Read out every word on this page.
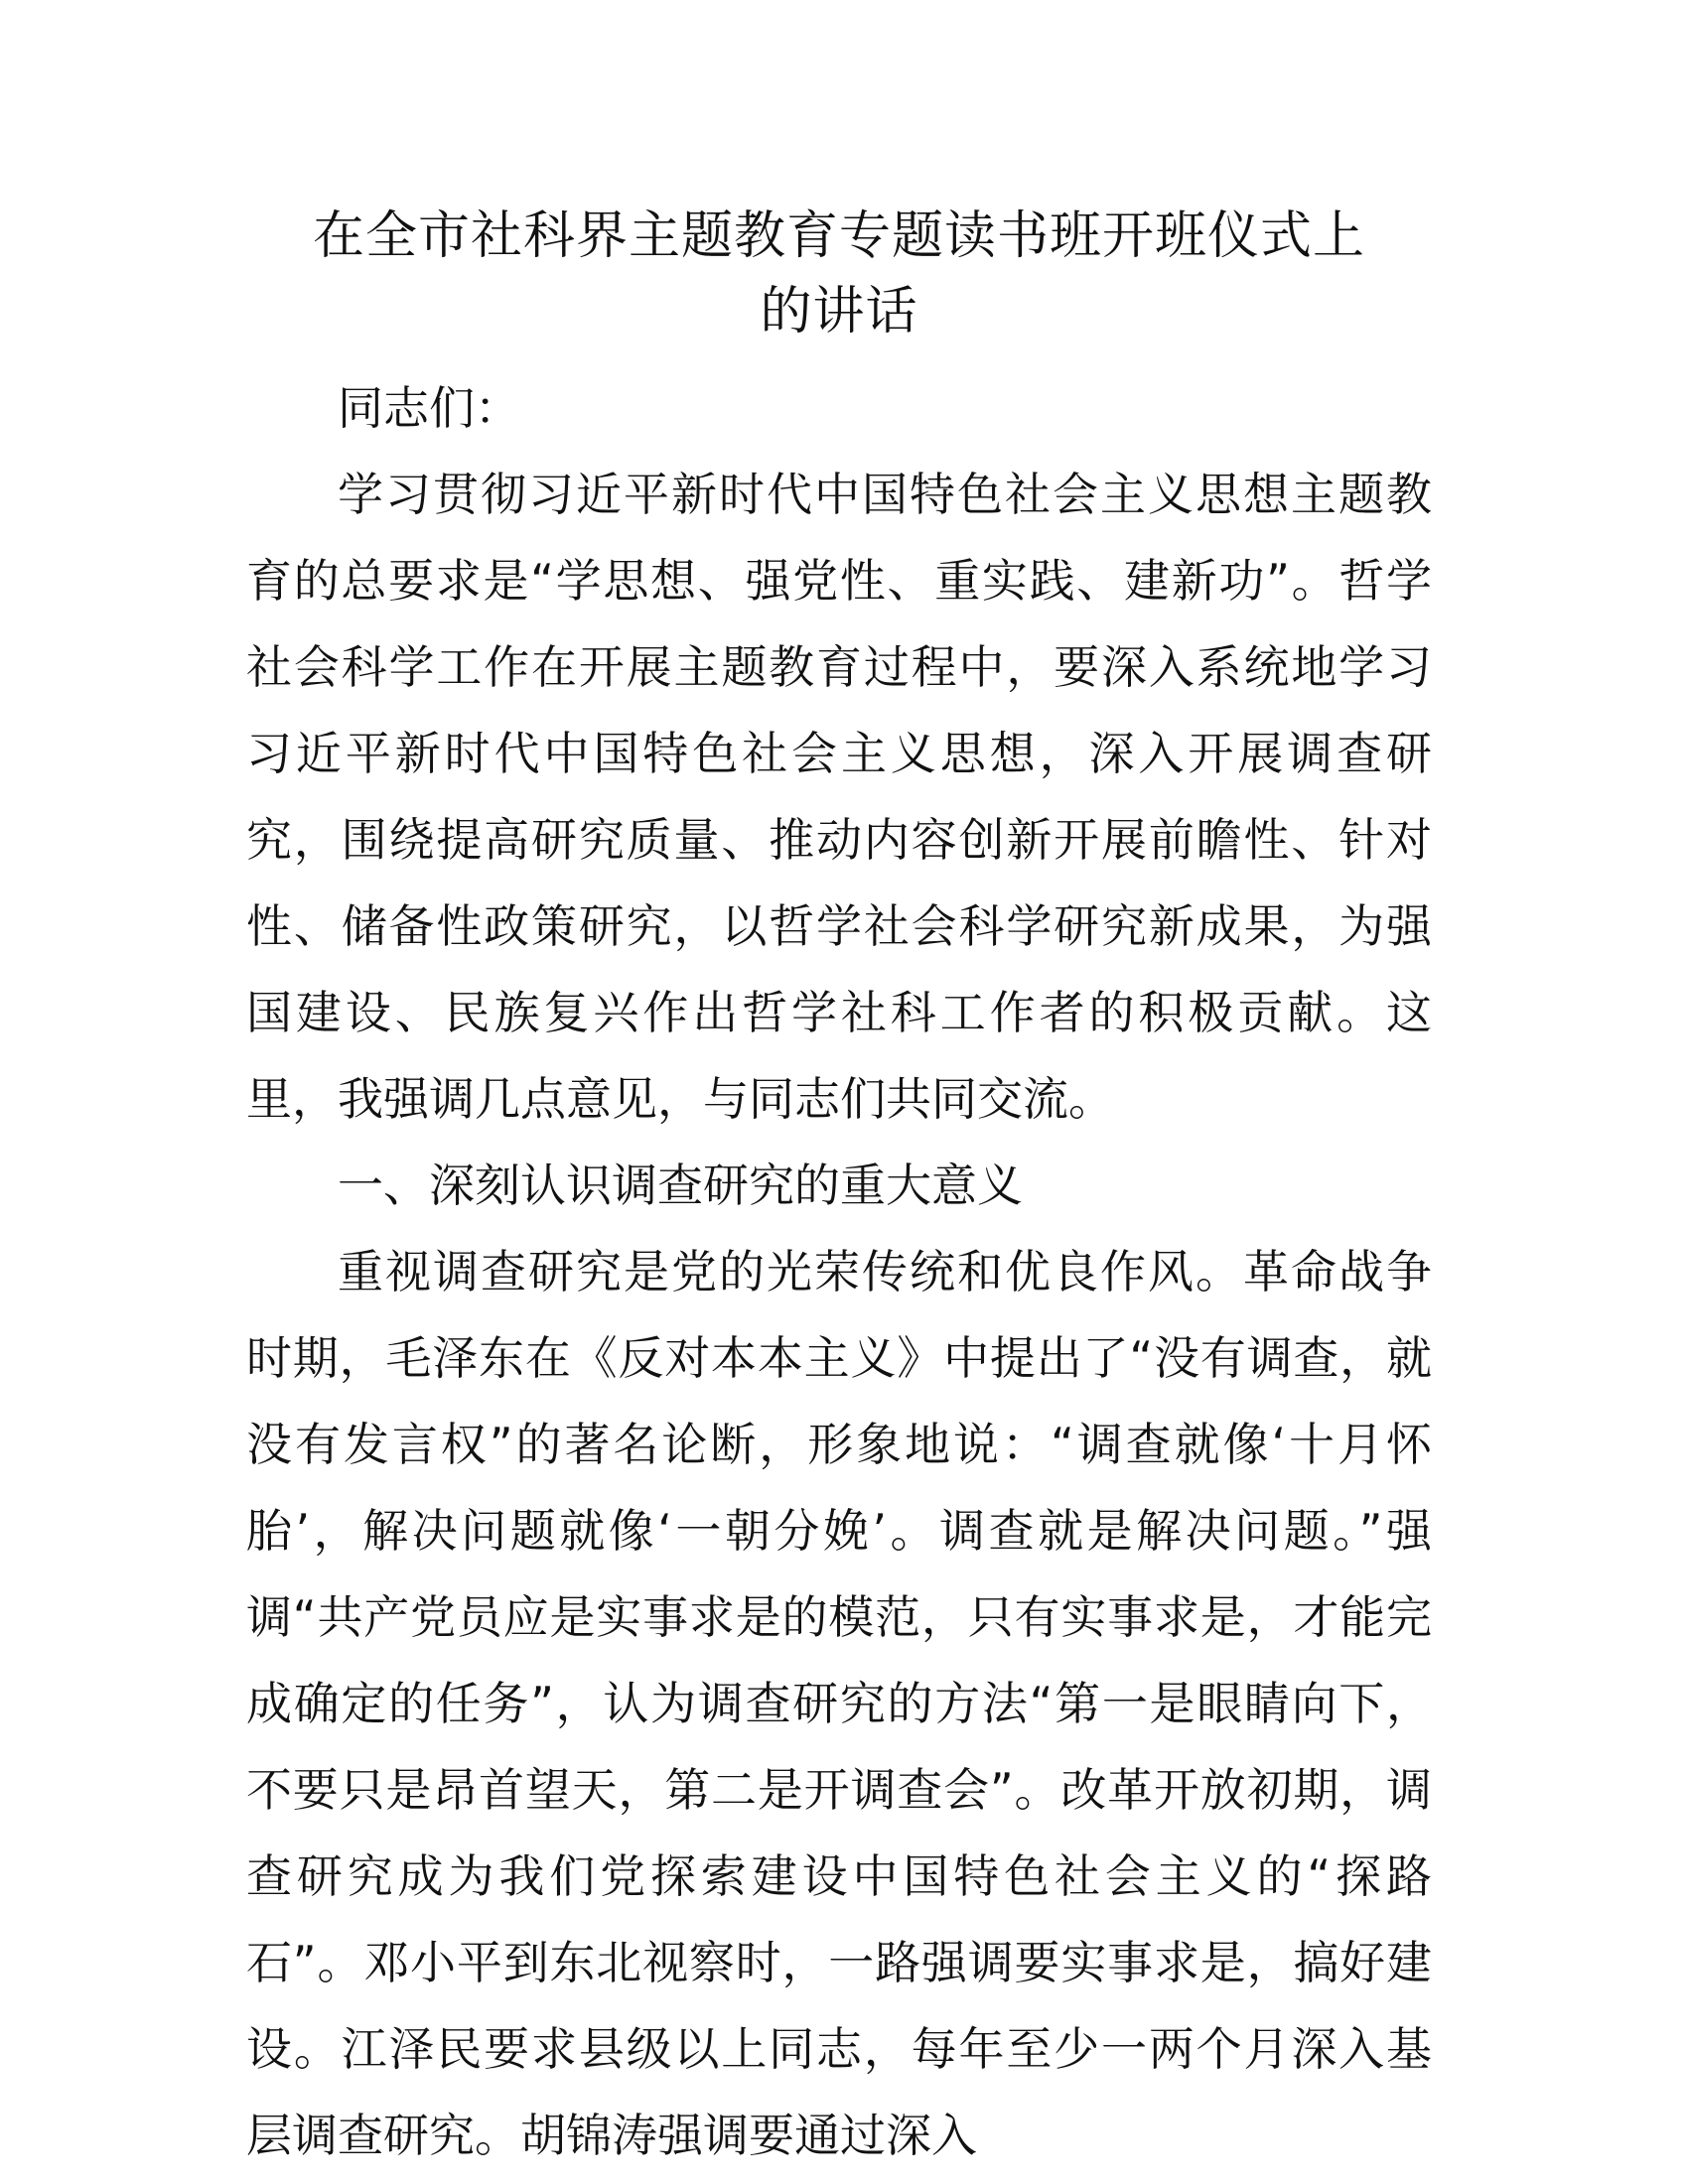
在全市社科界主题教育专题读书班开班仪式上
的讲话

同志们：

学习贯彻习近平新时代中国特色社会主义思想主题教育的总要求是“学思想、强党性、重实践、建新功”。哲学社会科学工作在开展主题教育过程中，要深入系统地学习习近平新时代中国特色社会主义思想，深入开展调查研究，围绕提高研究质量、推动内容创新开展前瞻性、针对性、储备性政策研究，以哲学社会科学研究新成果，为强国建设、民族复兴作出哲学社科工作者的积极贡献。这里，我强调几点意见，与同志们共同交流。

一、深刻认识调查研究的重大意义

重视调查研究是党的光荣传统和优良作风。革命战争时期，毛泽东在《反对本本主义》中提出了“没有调查，就没有发言权”的著名论断，形象地说：“调查就像‘十月怀胎’，解决问题就像‘一朝分娩’。调查就是解决问题。”强调“共产党员应是实事求是的模范，只有实事求是，才能完成确定的任务”，认为调查研究的方法“第一是眼睛向下，不要只是昂首望天，第二是开调查会”。改革开放初期，调查研究成为我们党探索建设中国特色社会主义的“探路石”。邓小平到东北视察时，一路强调要实事求是，搞好建设。江泽民要求县级以上同志，每年至少一两个月深入基层调查研究。胡锦涛强调要通过深入
